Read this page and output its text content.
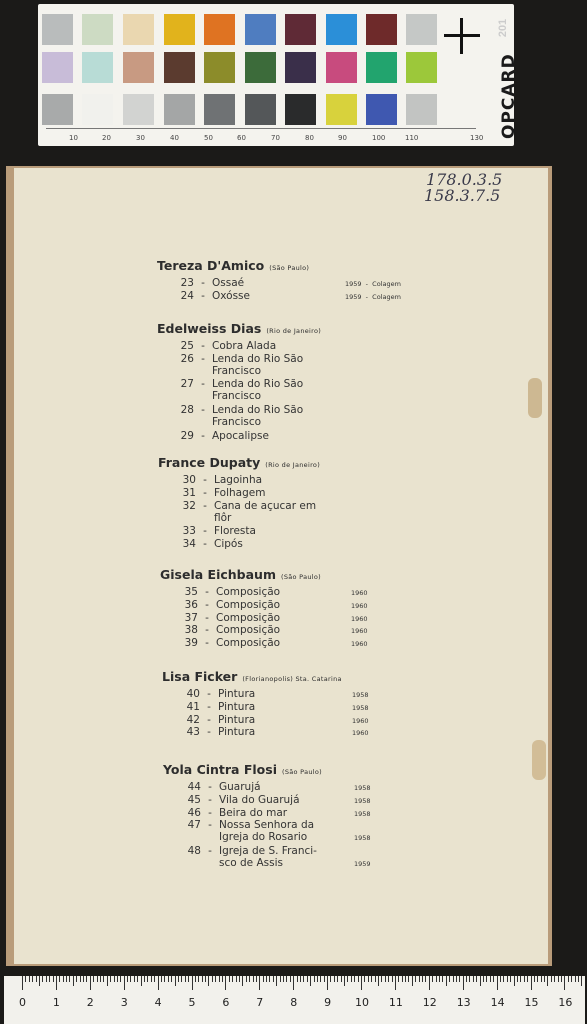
10	20	30	40	50	60	70	80	90	100	110	130 QPCARD
201
178.0.3.5
158.3.7.5
Tereza D'Amico (São Paulo)
23 - Ossaé	1959  -  Colagem
24 - Oxósse	1959  -  Colagem
Edelweiss Dias (Rio de Janeiro)
25 - Cobra Alada
26 - Lenda do Rio São
Francisco
27 - Lenda do Rio São
Francisco
28 - Lenda do Rio São
Francisco
29 - Apocalipse
France Dupaty (Rio de Janeiro)
30 - Lagoinha
31 - Folhagem
32 - Cana de açucar em
flôr
33 - Floresta
34 - Cipós
Gisela Eichbaum (São Paulo)
35 - Composição	1960
36 - Composição	1960
37 - Composição	1960
38 - Composição	1960
39 - Composição	1960
Lisa Ficker (Florianopolis) Sta. Catarina
40 - Pintura	1958
41 - Pintura	1958
42 - Pintura	1960
43 - Pintura	1960
Yola Cintra Flosi (São Paulo)
44 - Guarujá	1958
45 - Vila do Guarujá	1958
46 - Beira do mar	1958
47 - Nossa Senhora da
Igreja do Rosario	1958
48 - Igreja de S. Franci-
sco de Assis	1959
0 1 2 3 4 5 6 7 8 9 10 11 12 13 14 15 16
